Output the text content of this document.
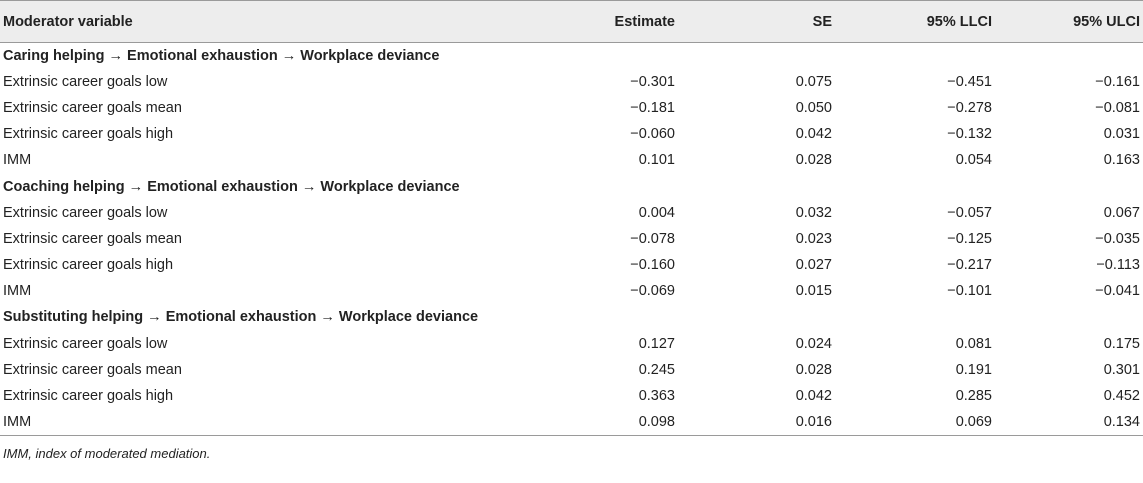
Moderator variable	Estimate	SE	95% LLCI	95% ULCI
Caring helping → Emotional exhaustion → Workplace deviance				
Extrinsic career goals low	−0.301	0.075	−0.451	−0.161
Extrinsic career goals mean	−0.181	0.050	−0.278	−0.081
Extrinsic career goals high	−0.060	0.042	−0.132	0.031
IMM	0.101	0.028	0.054	0.163
Coaching helping → Emotional exhaustion → Workplace deviance				
Extrinsic career goals low	0.004	0.032	−0.057	0.067
Extrinsic career goals mean	−0.078	0.023	−0.125	−0.035
Extrinsic career goals high	−0.160	0.027	−0.217	−0.113
IMM	−0.069	0.015	−0.101	−0.041
Substituting helping → Emotional exhaustion → Workplace deviance				
Extrinsic career goals low	0.127	0.024	0.081	0.175
Extrinsic career goals mean	0.245	0.028	0.191	0.301
Extrinsic career goals high	0.363	0.042	0.285	0.452
IMM	0.098	0.016	0.069	0.134
IMM, index of moderated mediation.
